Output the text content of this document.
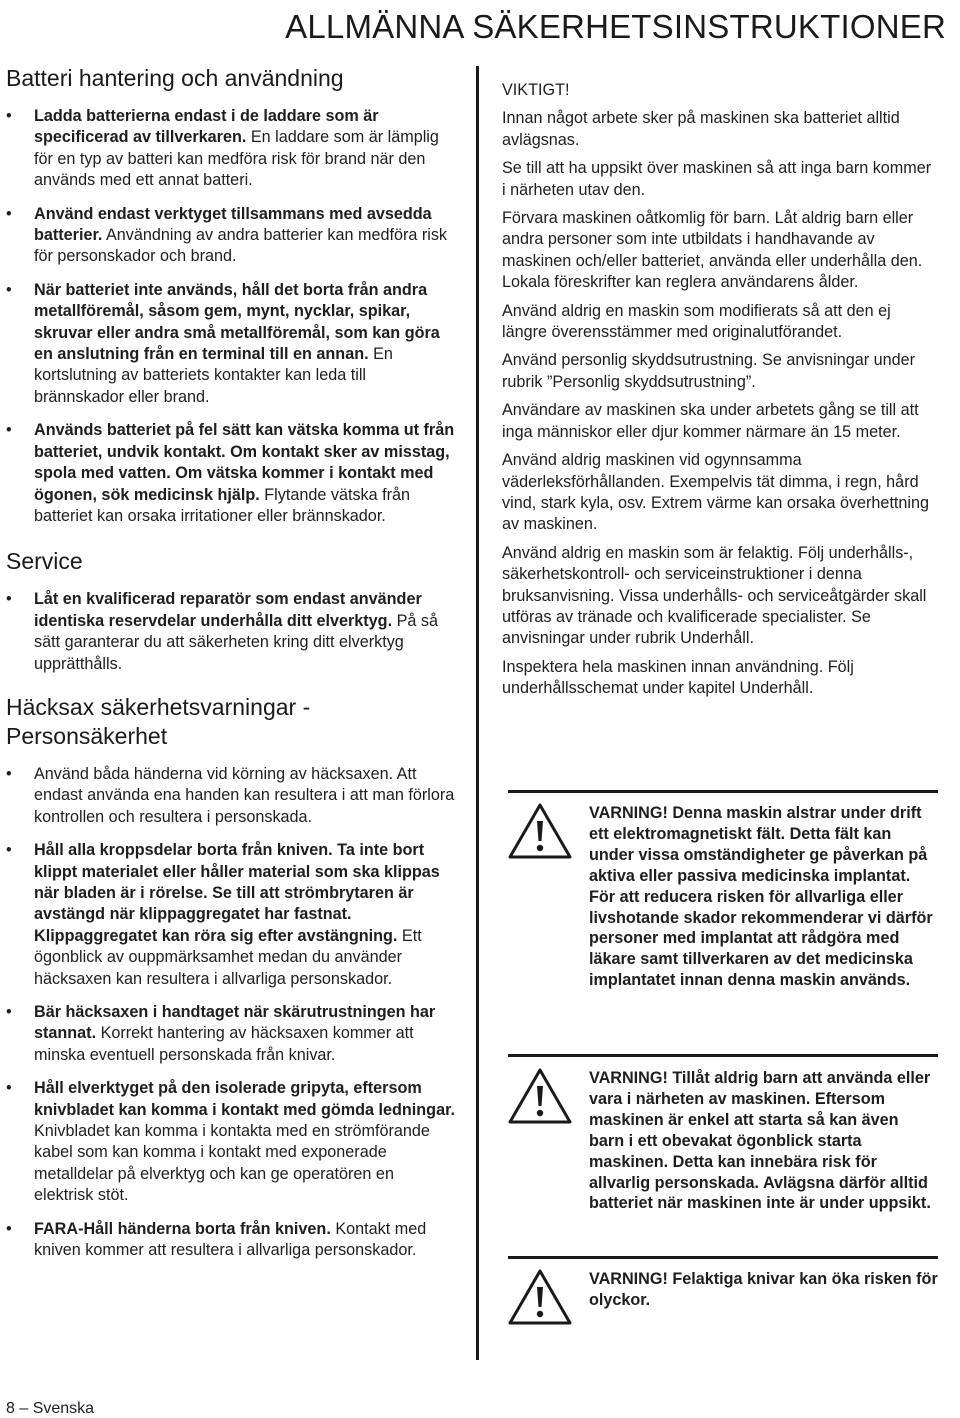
ALLMÄNNA SÄKERHETSINSTRUKTIONER
Batteri hantering och användning
• Ladda batterierna endast i de laddare som är specificerad av tillverkaren. En laddare som är lämplig för en typ av batteri kan medföra risk för brand när den används med ett annat batteri.
• Använd endast verktyget tillsammans med avsedda batterier. Användning av andra batterier kan medföra risk för personskador och brand.
• När batteriet inte används, håll det borta från andra metallföremål, såsom gem, mynt, nycklar, spikar, skruvar eller andra små metallföremål, som kan göra en anslutning från en terminal till en annan. En kortslutning av batteriets kontakter kan leda till brännskador eller brand.
• Används batteriet på fel sätt kan vätska komma ut från batteriet, undvik kontakt. Om kontakt sker av misstag, spola med vatten. Om vätska kommer i kontakt med ögonen, sök medicinsk hjälp. Flytande vätska från batteriet kan orsaka irritationer eller brännskador.
Service
• Låt en kvalificerad reparatör som endast använder identiska reservdelar underhålla ditt elverktyg. På så sätt garanterar du att säkerheten kring ditt elverktyg upprätthålls.
Häcksax säkerhetsvarningar -
Personsäkerhet
• Använd båda händerna vid körning av häcksaxen. Att endast använda ena handen kan resultera i att man förlora kontrollen och resultera i personskada.
• Håll alla kroppsdelar borta från kniven. Ta inte bort klippt materialet eller håller material som ska klippas när bladen är i rörelse. Se till att strömbrytaren är avstängd när klippaggregatet har fastnat. Klippaggregatet kan röra sig efter avstängning. Ett ögonblick av ouppmärksamhet medan du använder häcksaxen kan resultera i allvarliga personskador.
• Bär häcksaxen i handtaget när skärutrustningen har stannat. Korrekt hantering av häcksaxen kommer att minska eventuell personskada från knivar.
• Håll elverktyget på den isolerade gripyta, eftersom knivbladet kan komma i kontakt med gömda ledningar. Knivbladet kan komma i kontakta med en strömförande kabel som kan komma i kontakt med exponerade metalldelar på elverktyg och kan ge operatören en elektrisk stöt.
• FARA-Håll händerna borta från kniven. Kontakt med kniven kommer att resultera i allvarliga personskador.

VIKTIGT!

Innan något arbete sker på maskinen ska batteriet alltid avlägsnas.

Se till att ha uppsikt över maskinen så att inga barn kommer i närheten utav den.

Förvara maskinen oåtkomlig för barn. Låt aldrig barn eller andra personer som inte utbildats i handhavande av maskinen och/eller batteriet, använda eller underhålla den. Lokala föreskrifter kan reglera användarens ålder.

Använd aldrig en maskin som modifierats så att den ej längre överensstämmer med originalutförandet.

Använd personlig skyddsutrustning. Se anvisningar under rubrik ”Personlig skyddsutrustning”.

Användare av maskinen ska under arbetets gång se till att inga människor eller djur kommer närmare än 15 meter.

Använd aldrig maskinen vid ogynnsamma väderleksförhållanden. Exempelvis tät dimma, i regn, hård vind, stark kyla, osv. Extrem värme kan orsaka överhettning av maskinen.

Använd aldrig en maskin som är felaktig. Följ underhålls-, säkerhetskontroll- och serviceinstruktioner i denna bruksanvisning. Vissa underhålls- och serviceåtgärder skall utföras av tränade och kvalificerade specialister. Se anvisningar under rubrik Underhåll.

Inspektera hela maskinen innan användning. Följ underhållsschemat under kapitel Underhåll.

VARNING! Denna maskin alstrar under drift ett elektromagnetiskt fält. Detta fält kan under vissa omständigheter ge påverkan på aktiva eller passiva medicinska implantat. För att reducera risken för allvarliga eller livshotande skador rekommenderar vi därför personer med implantat att rådgöra med läkare samt tillverkaren av det medicinska implantatet innan denna maskin används.
VARNING! Tillåt aldrig barn att använda eller vara i närheten av maskinen. Eftersom maskinen är enkel att starta så kan även barn i ett obevakat ögonblick starta maskinen. Detta kan innebära risk för allvarlig personskada. Avlägsna därför alltid batteriet när maskinen inte är under uppsikt.
VARNING! Felaktiga knivar kan öka risken för olyckor.
8 – Svenska
